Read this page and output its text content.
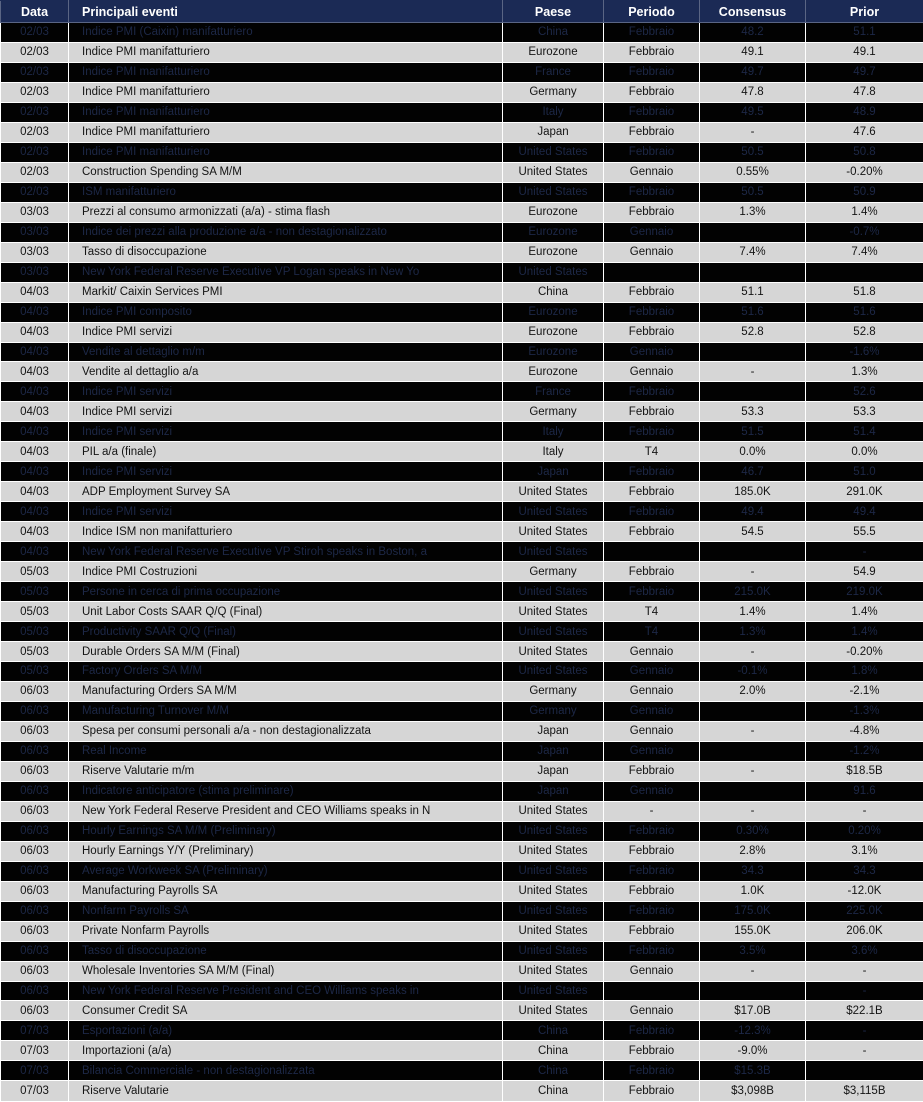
Data	Principali eventi	Paese	Periodo	Consensus	Prior
02/03	Indice PMI (Caixin) manifatturiero	China	Febbraio	48.2	51.1
02/03	Indice PMI manifatturiero	Eurozone	Febbraio	49.1	49.1
02/03	Indice PMI manifatturiero	France	Febbraio	49.7	49.7
02/03	Indice PMI manifatturiero	Germany	Febbraio	47.8	47.8
02/03	Indice PMI manifatturiero	Italy	Febbraio	49.5	48.9
02/03	Indice PMI manifatturiero	Japan	Febbraio	-	47.6
02/03	Indice PMI manifatturiero	United States	Febbraio	50.5	50.8
02/03	Construction Spending SA M/M	United States	Gennaio	0.55%	-0.20%
02/03	ISM manifatturiero	United States	Febbraio	50.5	50.9
03/03	Prezzi al consumo armonizzati (a/a) - stima flash	Eurozone	Febbraio	1.3%	1.4%
03/03	Indice dei prezzi alla produzione a/a - non destagionalizzato	Eurozone	Gennaio		-0.7%
03/03	Tasso di disoccupazione	Eurozone	Gennaio	7.4%	7.4%
03/03	New York Federal Reserve Executive VP Logan speaks in New Yo	United States			
04/03	Markit/ Caixin Services PMI	China	Febbraio	51.1	51.8
04/03	Indice PMI composito	Eurozone	Febbraio	51.6	51.6
04/03	Indice PMI servizi	Eurozone	Febbraio	52.8	52.8
04/03	Vendite al dettaglio m/m	Eurozone	Gennaio		-1.6%
04/03	Vendite al dettaglio a/a	Eurozone	Gennaio	-	1.3%
04/03	Indice PMI servizi	France	Febbraio		52.6
04/03	Indice PMI servizi	Germany	Febbraio	53.3	53.3
04/03	Indice PMI servizi	Italy	Febbraio	51.5	51.4
04/03	PIL a/a (finale)	Italy	T4	0.0%	0.0%
04/03	Indice PMI servizi	Japan	Febbraio	46.7	51.0
04/03	ADP Employment Survey SA	United States	Febbraio	185.0K	291.0K
04/03	Indice PMI servizi	United States	Febbraio	49.4	49.4
04/03	Indice ISM non manifatturiero	United States	Febbraio	54.5	55.5
04/03	New York Federal Reserve Executive VP Stiroh speaks in Boston, a	United States			-
05/03	Indice PMI Costruzioni	Germany	Febbraio	-	54.9
05/03	Persone in cerca di prima occupazione	United States	Febbraio	215.0K	219.0K
05/03	Unit Labor Costs SAAR Q/Q (Final)	United States	T4	1.4%	1.4%
05/03	Productivity SAAR Q/Q (Final)	United States	T4	1.3%	1.4%
05/03	Durable Orders SA M/M (Final)	United States	Gennaio	-	-0.20%
05/03	Factory Orders SA M/M	United States	Gennaio	-0.1%	1.8%
06/03	Manufacturing Orders SA M/M	Germany	Gennaio	2.0%	-2.1%
06/03	Manufacturing Turnover M/M	Germany	Gennaio		-1.3%
06/03	Spesa per consumi personali a/a - non destagionalizzata	Japan	Gennaio	-	-4.8%
06/03	Real Income	Japan	Gennaio		-1.2%
06/03	Riserve Valutarie m/m	Japan	Febbraio	-	$18.5B
06/03	Indicatore anticipatore (stima preliminare)	Japan	Gennaio		91.6
06/03	New York Federal Reserve President and CEO Williams speaks in N	United States	-	-	-
06/03	Hourly Earnings SA M/M (Preliminary)	United States	Febbraio	0.30%	0.20%
06/03	Hourly Earnings Y/Y (Preliminary)	United States	Febbraio	2.8%	3.1%
06/03	Average Workweek SA (Preliminary)	United States	Febbraio	34.3	34.3
06/03	Manufacturing Payrolls SA	United States	Febbraio	1.0K	-12.0K
06/03	Nonfarm Payrolls SA	United States	Febbraio	175.0K	225.0K
06/03	Private Nonfarm Payrolls	United States	Febbraio	155.0K	206.0K
06/03	Tasso di disoccupazione	United States	Febbraio	3.5%	3.6%
06/03	Wholesale Inventories SA M/M (Final)	United States	Gennaio	-	-
06/03	New York Federal Reserve President and CEO Williams speaks in	United States			-
06/03	Consumer Credit SA	United States	Gennaio	$17.0B	$22.1B
07/03	Esportazioni (a/a)	China	Febbraio	-12.3%	-
07/03	Importazioni (a/a)	China	Febbraio	-9.0%	-
07/03	Bilancia Commerciale - non destagionalizzata	China	Febbraio	$15.3B	
07/03	Riserve Valutarie	China	Febbraio	$3,098B	$3,115B
